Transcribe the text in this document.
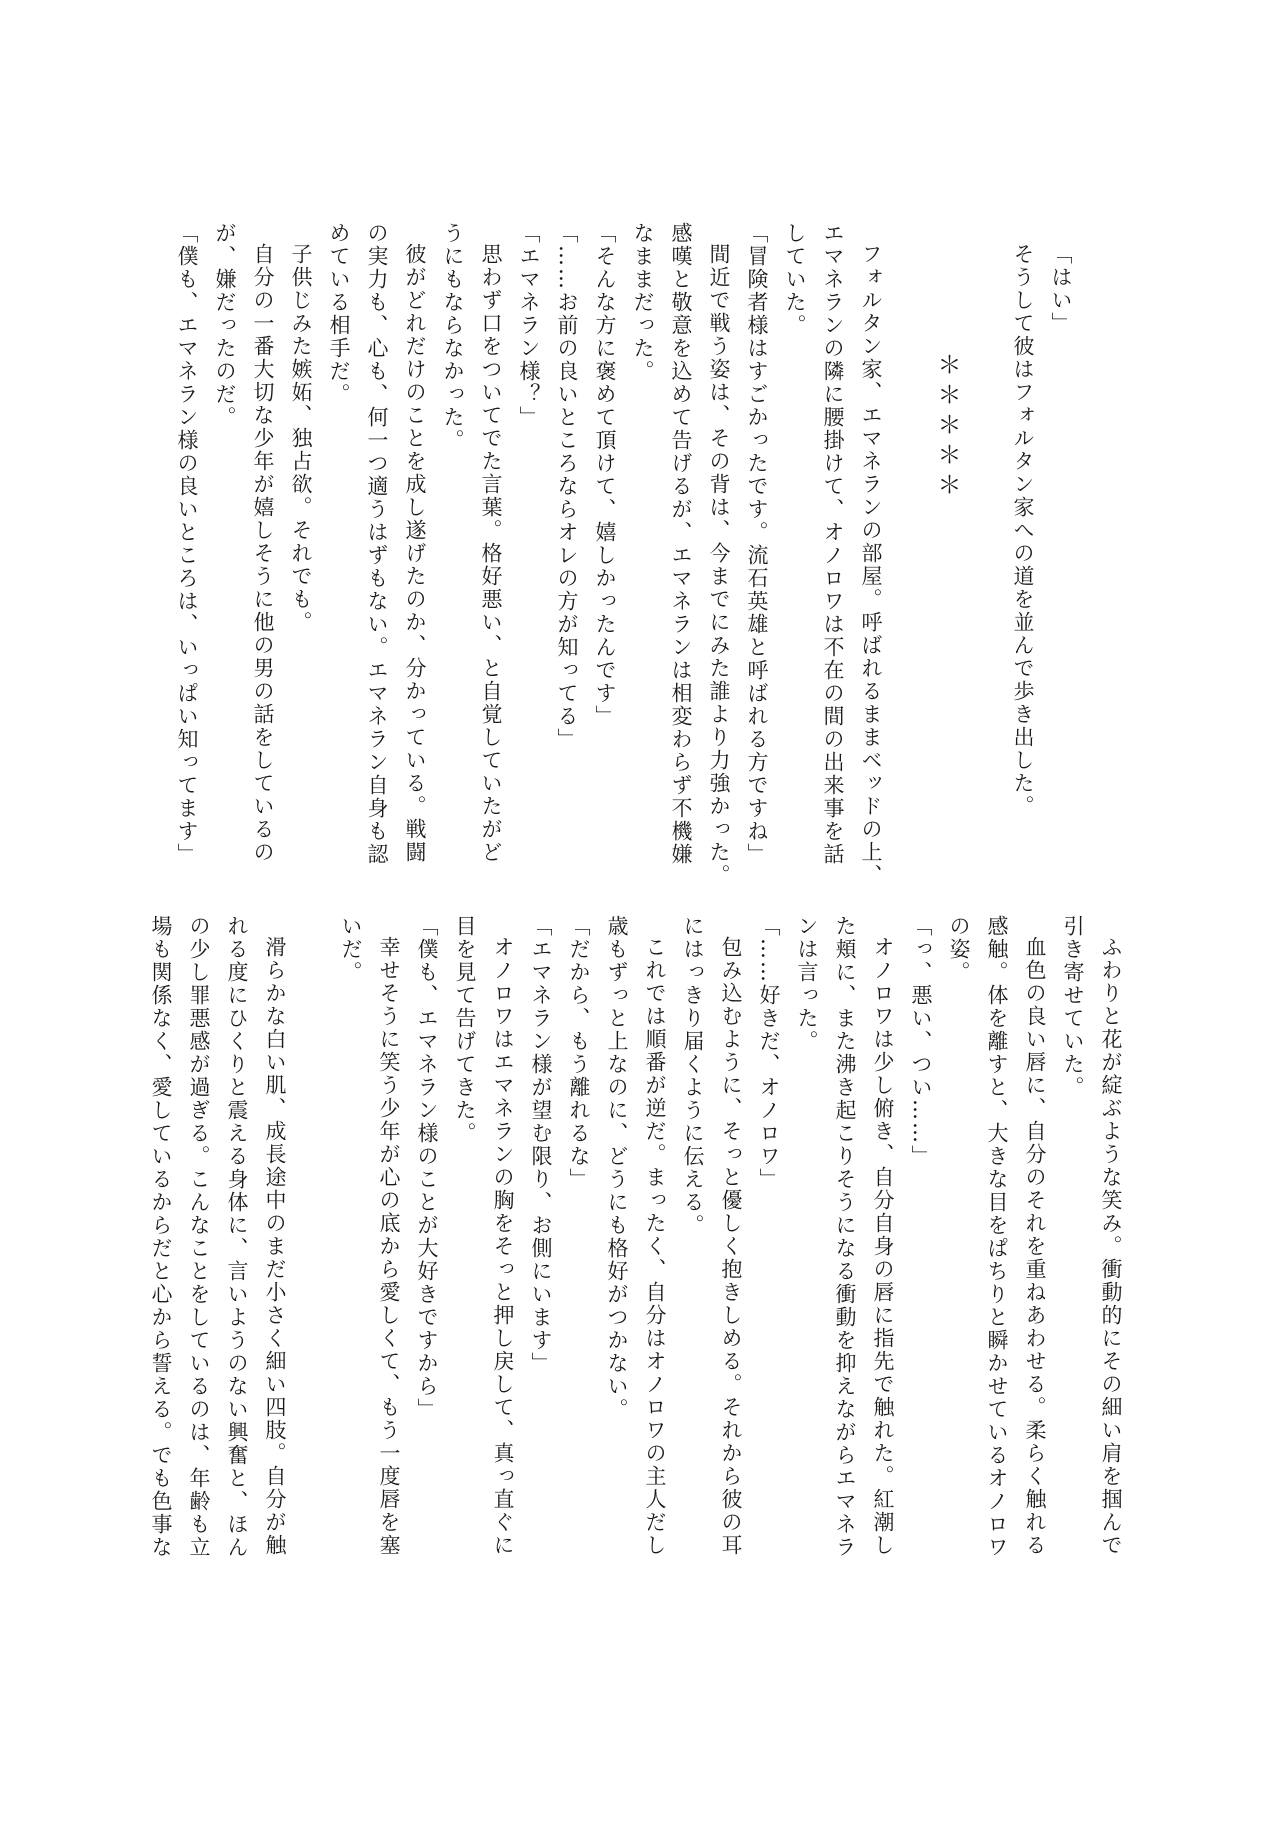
「はい」

そうして彼はフォルタン家への道を並んで歩き出した。

＊＊＊＊＊

フォルタン家、エマネランの部屋。呼ばれるままベッドの上、

エマネランの隣に腰掛けて、オノロワは不在の間の出来事を話

していた。

「冒険者様はすごかったです。流石英雄と呼ばれる方ですね」

間近で戦う姿は、その背は、今までにみた誰より力強かった。

感嘆と敬意を込めて告げるが、エマネランは相変わらず不機嫌

なままだった。

「そんな方に褒めて頂けて、嬉しかったんです」

「……お前の良いところならオレの方が知ってる」

「エマネラン様？」

思わず口をついてでた言葉。格好悪い、と自覚していたがど

うにもならなかった。

彼がどれだけのことを成し遂げたのか、分かっている。戦闘

の実力も、心も、何一つ適うはずもない。エマネラン自身も認

めている相手だ。

子供じみた嫉妬、独占欲。それでも。

自分の一番大切な少年が嬉しそうに他の男の話をしているの

が、嫌だったのだ。

「僕も、エマネラン様の良いところは、いっぱい知ってます」

ふわりと花が綻ぶような笑み。衝動的にその細い肩を掴んで

引き寄せていた。

血色の良い唇に、自分のそれを重ねあわせる。柔らく触れる

感触。体を離すと、大きな目をぱちりと瞬かせているオノロワ

の姿。

「っ、悪い、つい……」

オノロワは少し俯き、自分自身の唇に指先で触れた。紅潮し

た頬に、また沸き起こりそうになる衝動を抑えながらエマネラ

ンは言った。

「……好きだ、オノロワ」

包み込むように、そっと優しく抱きしめる。それから彼の耳

にはっきり届くように伝える。

これでは順番が逆だ。まったく、自分はオノロワの主人だし

歳もずっと上なのに、どうにも格好がつかない。

「だから、もう離れるな」

「エマネラン様が望む限り、お側にいます」

オノロワはエマネランの胸をそっと押し戻して、真っ直ぐに

目を見て告げてきた。

「僕も、エマネラン様のことが大好きですから」

幸せそうに笑う少年が心の底から愛しくて、もう一度唇を塞

いだ。

滑らかな白い肌、成長途中のまだ小さく細い四肢。自分が触

れる度にひくりと震える身体に、言いようのない興奮と、ほん

の少し罪悪感が過ぎる。こんなことをしているのは、年齢も立

場も関係なく、愛しているからだと心から誓える。でも色事な
